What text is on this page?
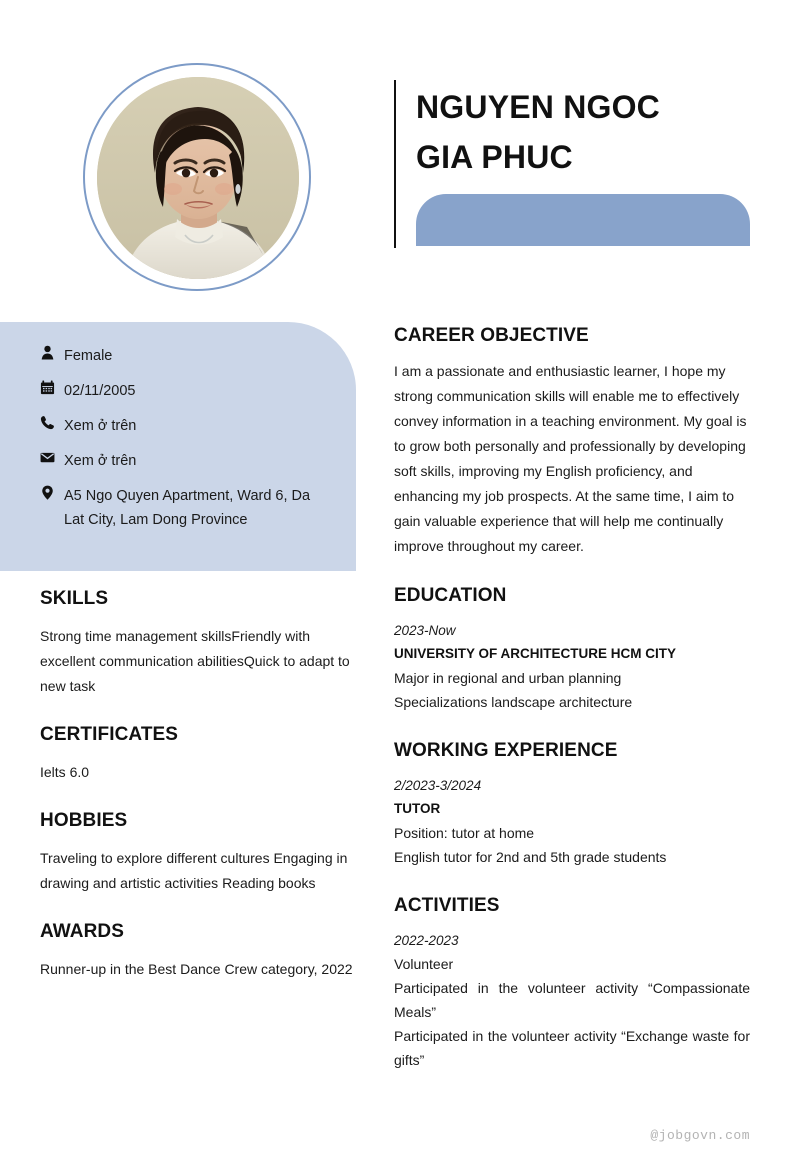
NGUYEN NGOC
GIA PHUC
Female
02/11/2005
Xem ở trên
Xem ở trên
A5 Ngo Quyen Apartment, Ward 6, Da Lat City, Lam Dong Province
SKILLS

Strong time management skillsFriendly with excellent communication abilitiesQuick to adapt to new task

CERTIFICATES

Ielts 6.0

HOBBIES

Traveling to explore different cultures Engaging in drawing and artistic activities Reading books

AWARDS

Runner-up in the Best Dance Crew category, 2022

CAREER OBJECTIVE

I am a passionate and enthusiastic learner, I hope my strong communication skills will enable me to effectively convey information in a teaching environment. My goal is to grow both personally and professionally by developing soft skills, improving my English proficiency, and enhancing my job prospects. At the same time, I aim to gain valuable experience that will help me continually improve throughout my career.

EDUCATION
2023-Now
UNIVERSITY OF ARCHITECTURE HCM CITY
Major in regional and urban planning
Specializations landscape architecture
WORKING EXPERIENCE
2/2023-3/2024
TUTOR
Position: tutor at home
English tutor for 2nd and 5th grade students
ACTIVITIES
2022-2023
Volunteer
Participated in the volunteer activity “Compassionate Meals”
Participated in the volunteer activity “Exchange waste for gifts”
@jobgovn.com
